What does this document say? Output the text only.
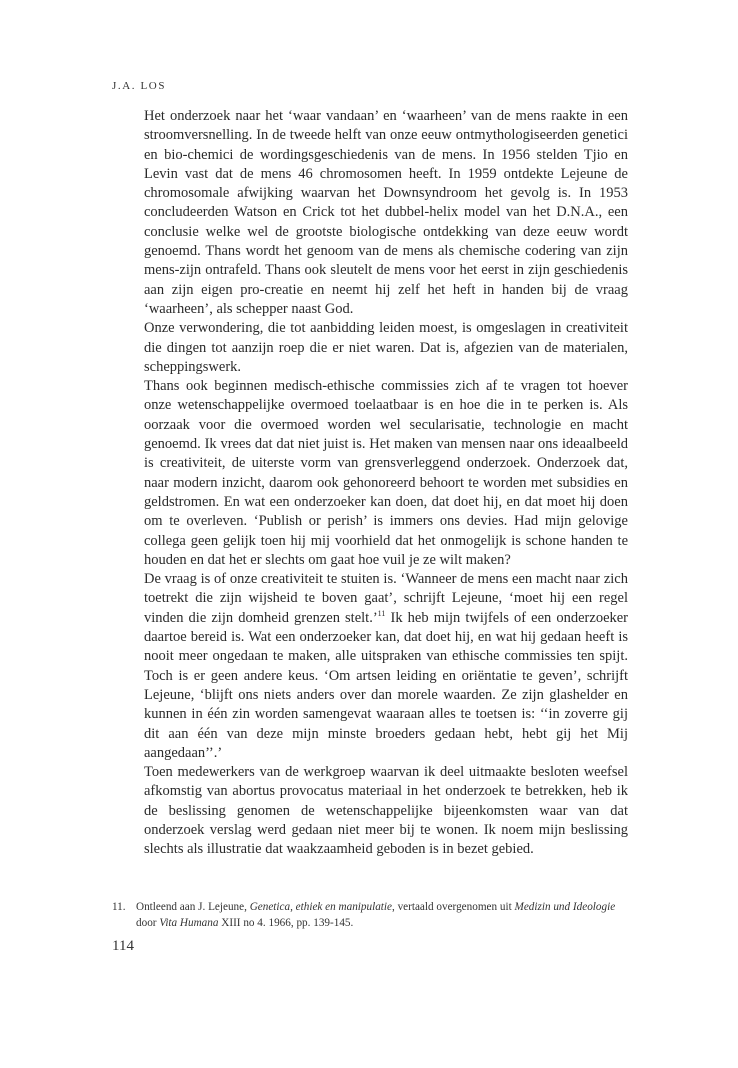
J.A. LOS

Het onderzoek naar het ‘waar vandaan’ en ‘waarheen’ van de mens raakte in een stroomversnelling. In de tweede helft van onze eeuw ontmythologiseerden genetici en bio-chemici de wordingsgeschiedenis van de mens. In 1956 stelden Tjio en Levin vast dat de mens 46 chromosomen heeft. In 1959 ontdekte Lejeune de chromosomale afwijking waarvan het Downsyndroom het gevolg is. In 1953 concludeerden Watson en Crick tot het dubbel-helix model van het D.N.A., een conclusie welke wel de grootste biologische ontdekking van deze eeuw wordt genoemd. Thans wordt het genoom van de mens als chemische codering van zijn mens-zijn ontrafeld. Thans ook sleutelt de mens voor het eerst in zijn geschiedenis aan zijn eigen pro-creatie en neemt hij zelf het heft in handen bij de vraag ‘waarheen’, als schepper naast God.

Onze verwondering, die tot aanbidding leiden moest, is omgeslagen in creativiteit die dingen tot aanzijn roep die er niet waren. Dat is, afgezien van de materialen, scheppingswerk.

Thans ook beginnen medisch-ethische commissies zich af te vragen tot hoever onze wetenschappelijke overmoed toelaatbaar is en hoe die in te perken is. Als oorzaak voor die overmoed worden wel secularisatie, technologie en macht genoemd. Ik vrees dat dat niet juist is. Het maken van mensen naar ons ideaalbeeld is creativiteit, de uiterste vorm van grensverleggend onderzoek. Onderzoek dat, naar modern inzicht, daarom ook gehonoreerd behoort te worden met subsidies en geldstromen. En wat een onderzoeker kan doen, dat doet hij, en dat moet hij doen om te overleven. ‘Publish or perish’ is immers ons devies. Had mijn gelovige collega geen gelijk toen hij mij voorhield dat het onmogelijk is schone handen te houden en dat het er slechts om gaat hoe vuil je ze wilt maken?

De vraag is of onze creativiteit te stuiten is. ‘Wanneer de mens een macht naar zich toetrekt die zijn wijsheid te boven gaat’, schrijft Lejeune, ‘moet hij een regel vinden die zijn domheid grenzen stelt.’$^{11}$ Ik heb mijn twijfels of een onderzoeker daartoe bereid is. Wat een onderzoeker kan, dat doet hij, en wat hij gedaan heeft is nooit meer ongedaan te maken, alle uitspraken van ethische commissies ten spijt. Toch is er geen andere keus. ‘Om artsen leiding en oriëntatie te geven’, schrijft Lejeune, ‘blijft ons niets anders over dan morele waarden. Ze zijn glashelder en kunnen in één zin worden samengevat waaraan alles te toetsen is: ‘‘in zoverre gij dit aan één van deze mijn minste broeders gedaan hebt, hebt gij het Mij aangedaan’’.’

Toen medewerkers van de werkgroep waarvan ik deel uitmaakte besloten weefsel afkomstig van abortus provocatus materiaal in het onderzoek te betrekken, heb ik de beslissing genomen de wetenschappelijke bijeenkomsten waar van dat onderzoek verslag werd gedaan niet meer bij te wonen. Ik noem mijn beslissing slechts als illustratie dat waakzaamheid geboden is in bezet gebied.

11. Ontleend aan J. Lejeune, Genetica, ethiek en manipulatie, vertaald overgenomen uit Medizin und Ideologie door Vita Humana XIII no 4. 1966, pp. 139-145.
114
